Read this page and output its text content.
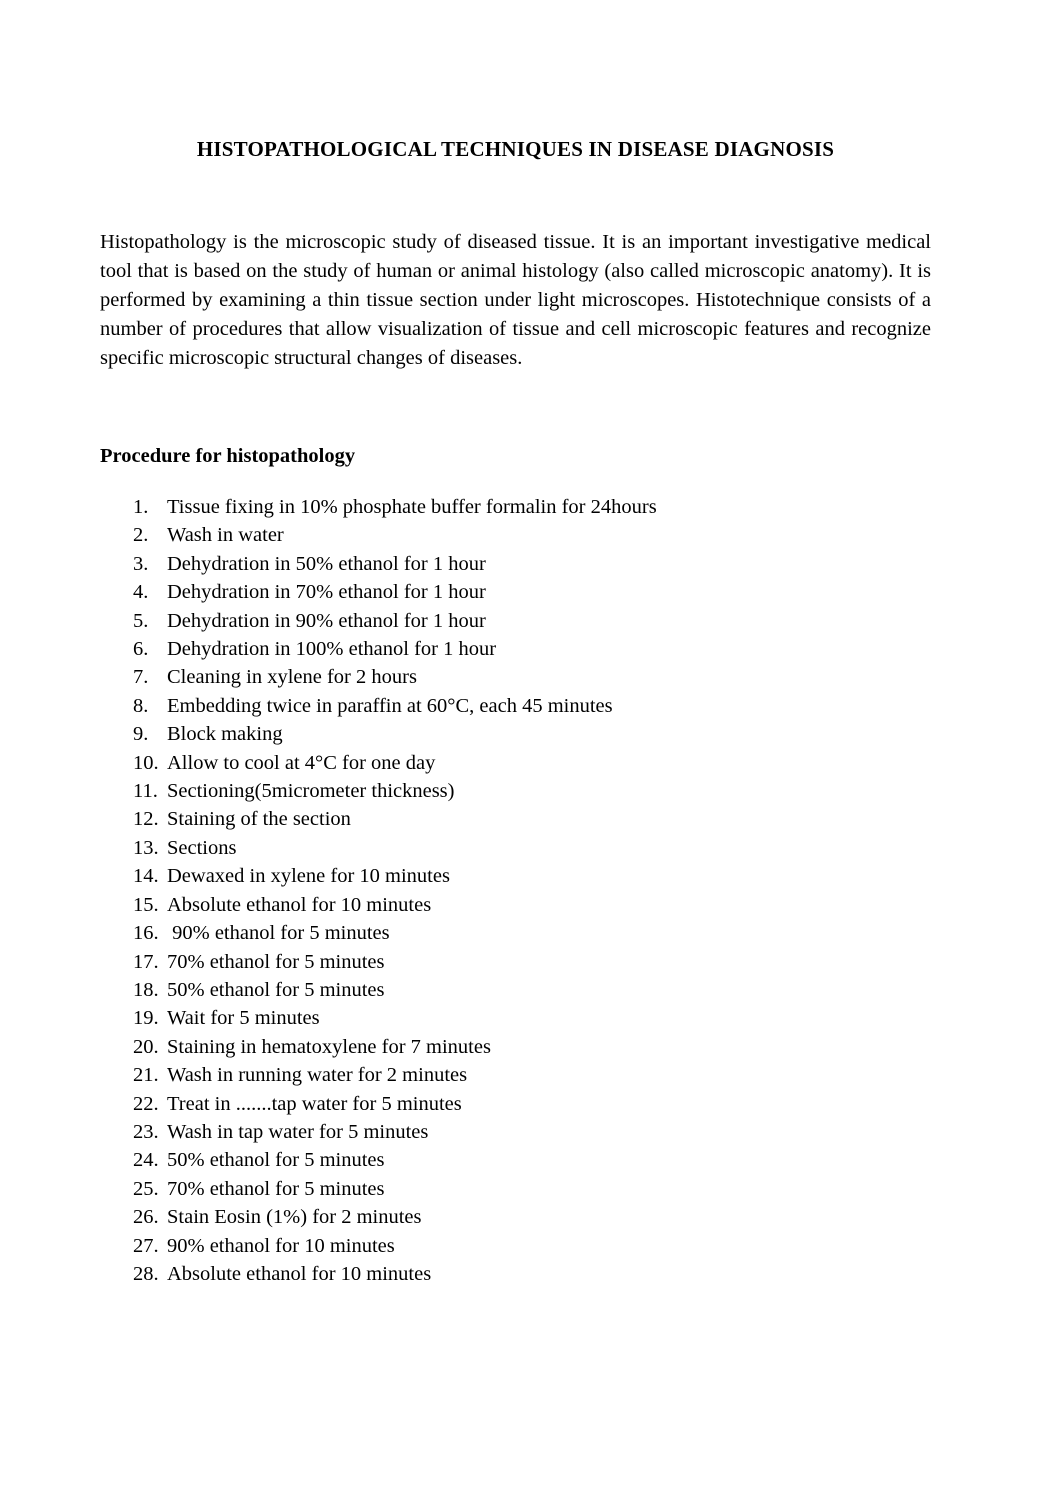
HISTOPATHOLOGICAL TECHNIQUES IN DISEASE DIAGNOSIS

Histopathology is the microscopic study of diseased tissue. It is an important investigative medical tool that is based on the study of human or animal histology (also called microscopic anatomy). It is performed by examining a thin tissue section under light microscopes. Histotechnique consists of a number of procedures that allow visualization of tissue and cell microscopic features and recognize specific microscopic structural changes of diseases.

Procedure for histopathology
1. Tissue fixing in 10% phosphate buffer formalin for 24hours
2. Wash in water
3. Dehydration in 50% ethanol for 1 hour
4. Dehydration in 70% ethanol for 1 hour
5. Dehydration in 90% ethanol for 1 hour
6. Dehydration in 100% ethanol for 1 hour
7. Cleaning in xylene for 2 hours
8. Embedding twice in paraffin at 60°C, each 45 minutes
9. Block making
10. Allow to cool at 4°C for one day
11. Sectioning(5micrometer thickness)
12. Staining of the section
13. Sections
14. Dewaxed in xylene for 10 minutes
15. Absolute ethanol for 10 minutes
16. 90% ethanol for 5 minutes
17. 70% ethanol for 5 minutes
18. 50% ethanol for 5 minutes
19. Wait for 5 minutes
20. Staining in hematoxylene for 7 minutes
21. Wash in running water for 2 minutes
22. Treat in .......tap water for 5 minutes
23. Wash in tap water for 5 minutes
24. 50% ethanol for 5 minutes
25. 70% ethanol for 5 minutes
26. Stain Eosin (1%) for 2 minutes
27. 90% ethanol for 10 minutes
28. Absolute ethanol for 10 minutes
